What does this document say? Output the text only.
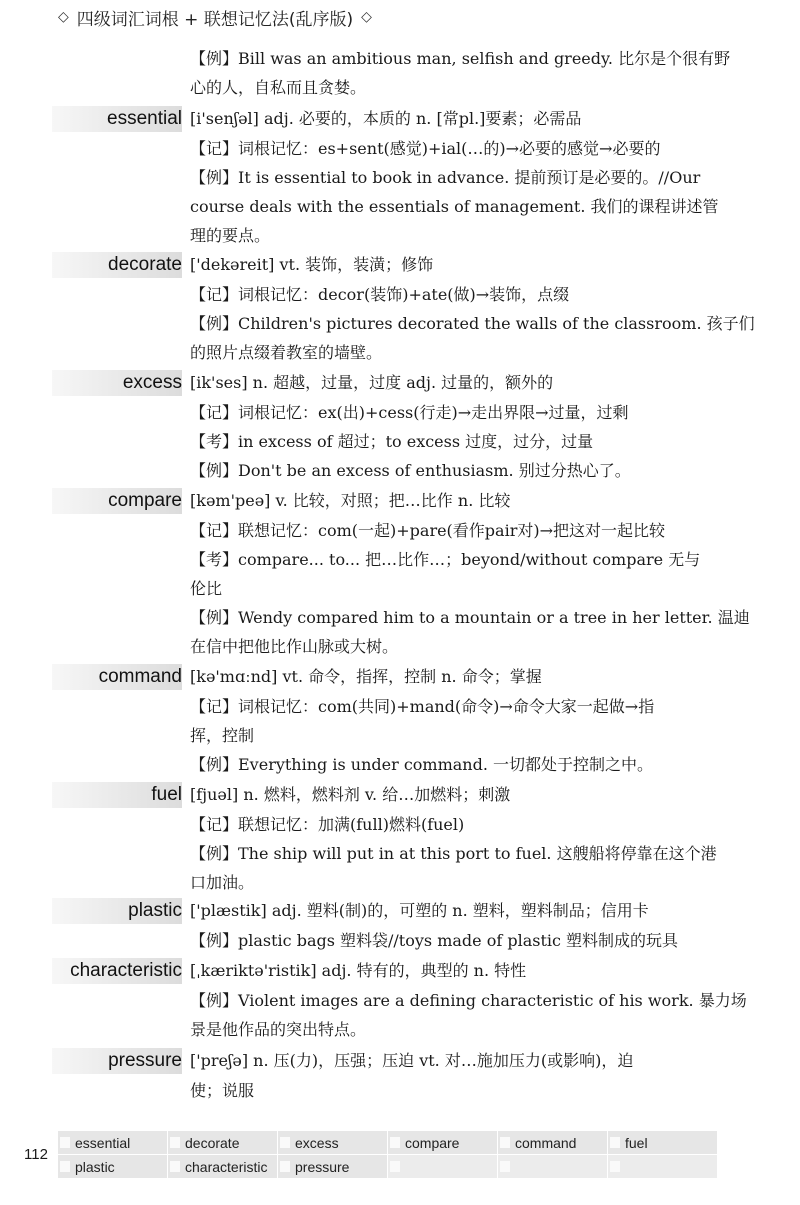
◇ 四级词汇词根 + 联想记忆法(乱序版) ◇
【例】Bill was an ambitious man, selfish and greedy. 比尔是个很有野
心的人，自私而且贪婪。
essential [i'senʃəl] adj. 必要的，本质的 n. [常pl.]要素；必需品
【记】词根记忆：es+sent(感觉)+ial(…的)→必要的感觉→必要的
【例】It is essential to book in advance. 提前预订是必要的。//Our
course deals with the essentials of management. 我们的课程讲述管
理的要点。
decorate ['dekəreit] vt. 装饰，装潢；修饰
【记】词根记忆：decor(装饰)+ate(做)→装饰，点缀
【例】Children's pictures decorated the walls of the classroom. 孩子们
的照片点缀着教室的墙壁。
excess [ik'ses] n. 超越，过量，过度 adj. 过量的，额外的
【记】词根记忆：ex(出)+cess(行走)→走出界限→过量，过剩
【考】in excess of 超过；to excess 过度，过分，过量
【例】Don't be an excess of enthusiasm. 别过分热心了。
compare [kəm'peə] v. 比较，对照；把…比作 n. 比较
【记】联想记忆：com(一起)+pare(看作pair对)→把这对一起比较
【考】compare... to... 把…比作…；beyond/without compare 无与
伦比
【例】Wendy compared him to a mountain or a tree in her letter. 温迪
在信中把他比作山脉或大树。
command [kə'mɑːnd] vt. 命令，指挥，控制 n. 命令；掌握
【记】词根记忆：com(共同)+mand(命令)→命令大家一起做→指
挥，控制
【例】Everything is under command. 一切都处于控制之中。
fuel [fjuəl] n. 燃料，燃料剂 v. 给…加燃料；刺激
【记】联想记忆：加满(full)燃料(fuel)
【例】The ship will put in at this port to fuel. 这艘船将停靠在这个港
口加油。
plastic ['plæstik] adj. 塑料(制)的，可塑的 n. 塑料，塑料制品；信用卡
【例】plastic bags 塑料袋//toys made of plastic 塑料制成的玩具
characteristic [ˌkæriktə'ristik] adj. 特有的，典型的 n. 特性
【例】Violent images are a defining characteristic of his work. 暴力场
景是他作品的突出特点。
pressure ['preʃə] n. 压(力)，压强；压迫 vt. 对…施加压力(或影响)，迫
使；说服
112
essential	decorate	excess	compare	command	fuel
plastic	characteristic	pressure
